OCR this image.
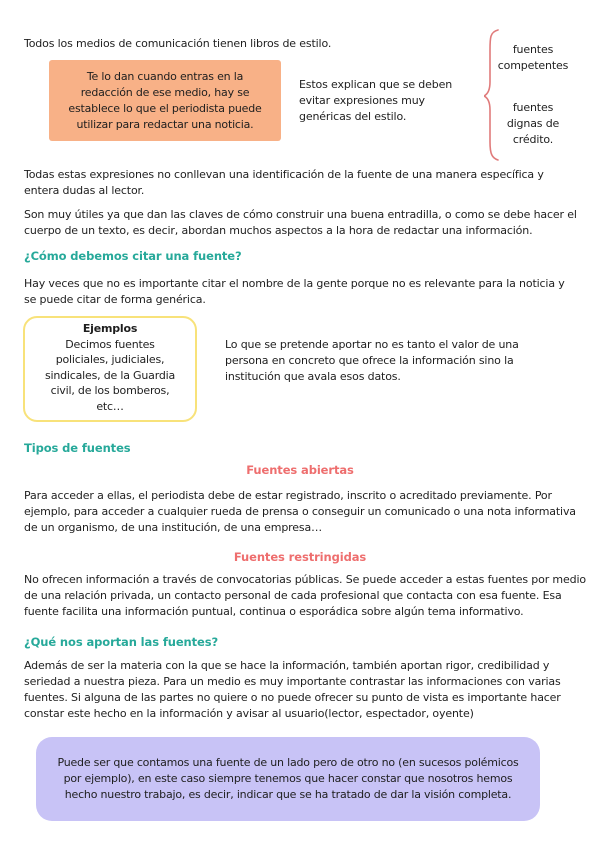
Todos los medios de comunicación tienen libros de estilo.
Te lo dan cuando entras en la redacción de ese medio, hay se establece lo que el periodista puede utilizar para redactar una noticia.
Estos explican que se deben evitar expresiones muy genéricas del estilo.
fuentes competentes
fuentes dignas de crédito.
Todas estas expresiones no conllevan una identificación de la fuente de una manera específica y entera dudas al lector.
Son muy útiles ya que dan las claves de cómo construir una buena entradilla, o como se debe hacer el cuerpo de un texto, es decir, abordan muchos aspectos a la hora de redactar una información.
¿Cómo debemos citar una fuente?
Hay veces que no es importante citar el nombre de la gente porque no es relevante para la noticia y se puede citar de forma genérica.
Ejemplos
Decimos fuentes policiales, judiciales, sindicales, de la Guardia civil, de los bomberos, etc…
Lo que se pretende aportar no es tanto el valor de una persona en concreto que ofrece la información sino la institución que avala esos datos.
Tipos de fuentes
Fuentes abiertas
Para acceder a ellas, el periodista debe de estar registrado, inscrito o acreditado previamente. Por ejemplo, para acceder a cualquier rueda de prensa o conseguir un comunicado o una nota informativa de un organismo, de una institución, de una empresa…
Fuentes restringidas
No ofrecen información a través de convocatorias públicas. Se puede acceder a estas fuentes por medio de una relación privada, un contacto personal de cada profesional que contacta con esa fuente. Esa fuente facilita una información puntual, continua o esporádica sobre algún tema informativo.
¿Qué nos aportan las fuentes?
Además de ser la materia con la que se hace la información, también aportan rigor, credibilidad y seriedad a nuestra pieza. Para un medio es muy importante contrastar las informaciones con varias fuentes. Si alguna de las partes no quiere o no puede ofrecer su punto de vista es importante hacer constar este hecho en la información y avisar al usuario(lector, espectador, oyente)
Puede ser que contamos una fuente de un lado pero de otro no (en sucesos polémicos por ejemplo), en este caso siempre tenemos que hacer constar que nosotros hemos hecho nuestro trabajo, es decir, indicar que se ha tratado de dar la visión completa.
